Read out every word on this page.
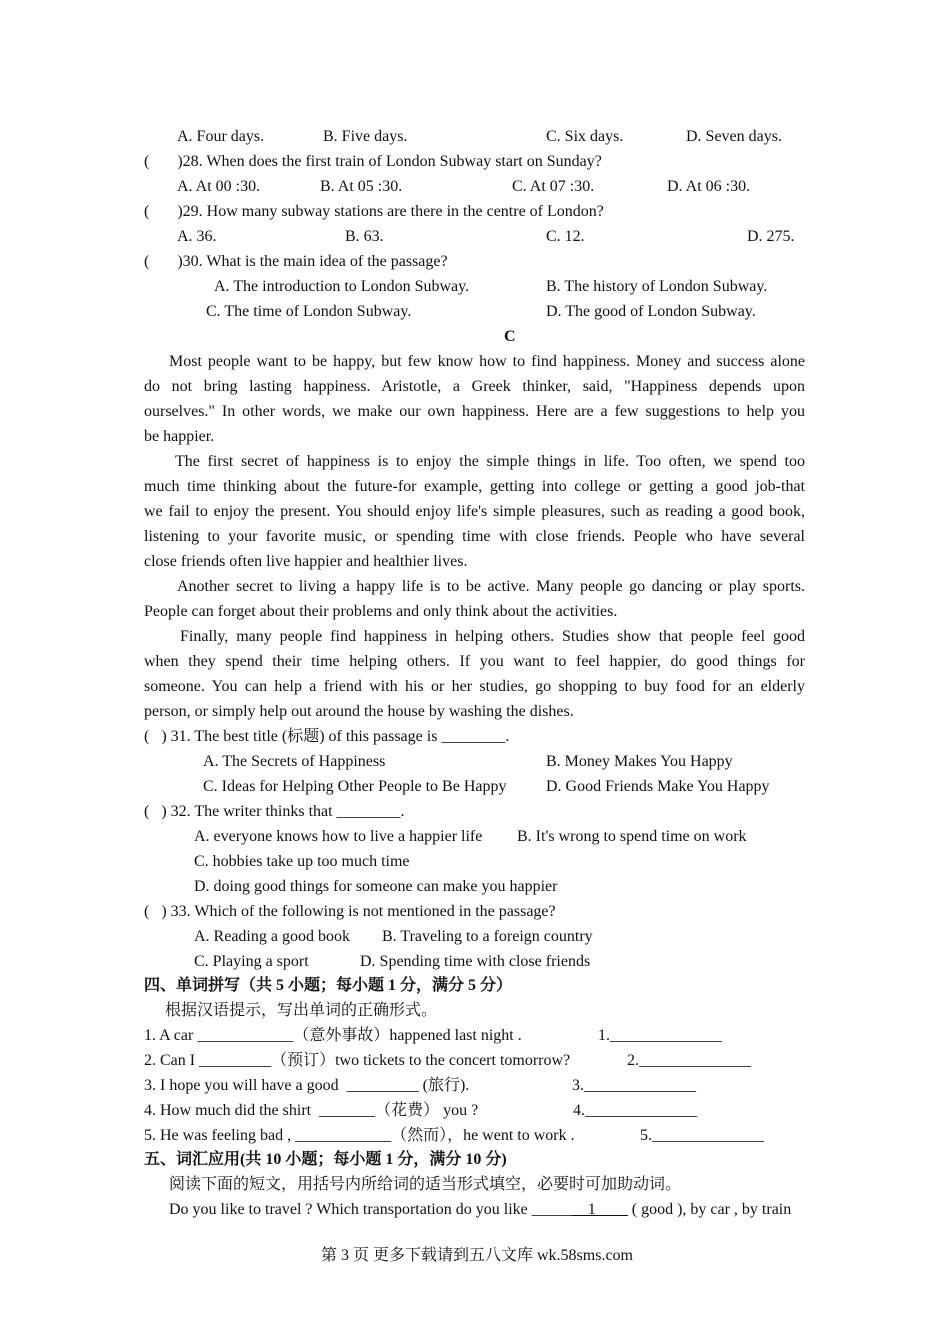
A. Four days.	B. Five days.	C. Six days.	D. Seven days.
(       )28. When does the first train of London Subway start on Sunday?
A. At 00 :30.	B. At 05 :30.	C. At 07 :30.	D. At 06 :30.
(       )29. How many subway stations are there in the centre of London?
A. 36.	B. 63.	C. 12.	D. 275.
(       )30. What is the main idea of the passage?
A. The introduction to London Subway.	B. The history of London Subway.
C. The time of London Subway.	D. The good of London Subway.
C
Most people want to be happy, but few know how to find happiness. Money and success alone
do not bring lasting happiness. Aristotle, a Greek thinker, said, "Happiness depends upon
ourselves." In other words, we make our own happiness. Here are a few suggestions to help you
be happier.
The first secret of happiness is to enjoy the simple things in life. Too often, we spend too
much time thinking about the future-for example, getting into college or getting a good job-that
we fail to enjoy the present. You should enjoy life's simple pleasures, such as reading a good book,
listening to your favorite music, or spending time with close friends. People who have several
close friends often live happier and healthier lives.
Another secret to living a happy life is to be active. Many people go dancing or play sports.
People can forget about their problems and only think about the activities.
Finally, many people find happiness in helping others. Studies show that people feel good
when they spend their time helping others. If you want to feel happier, do good things for
someone. You can help a friend with his or her studies, go shopping to buy food for an elderly
person, or simply help out around the house by washing the dishes.
(   ) 31. The best title (标题) of this passage is ________.
A. The Secrets of Happiness	B. Money Makes You Happy
C. Ideas for Helping Other People to Be Happy D. Good Friends Make You Happy
(   ) 32. The writer thinks that ________.
A. everyone knows how to live a happier life B. It's wrong to spend time on work
C. hobbies take up too much time
D. doing good things for someone can make you happier
(   ) 33. Which of the following is not mentioned in the passage?
A. Reading a good book B. Traveling to a foreign country
C. Playing a sport	D. Spending time with close friends
四、单词拼写（共 5 小题；每小题 1 分，满分 5 分）
根据汉语提示，写出单词的正确形式。
1. A car ____________（意外事故）happened last night .	1.______________
2. Can I _________（预订）two tickets to the concert tomorrow?	2.______________
3. I hope you will have a good  _________ (旅行).	3.______________
4. How much did the shirt  _______（花费） you ?	4.______________
5. He was feeling bad , ____________（然而），he went to work .	5.______________
五、词汇应用(共 10 小题；每小题 1 分，满分 10 分)
阅读下面的短文，用括号内所给词的适当形式填空，必要时可加助动词。
Do you like to travel ? Which transportation do you like _______1____ ( good ), by car , by train
第 3 页 更多下载请到五八文库 wk.58sms.com
